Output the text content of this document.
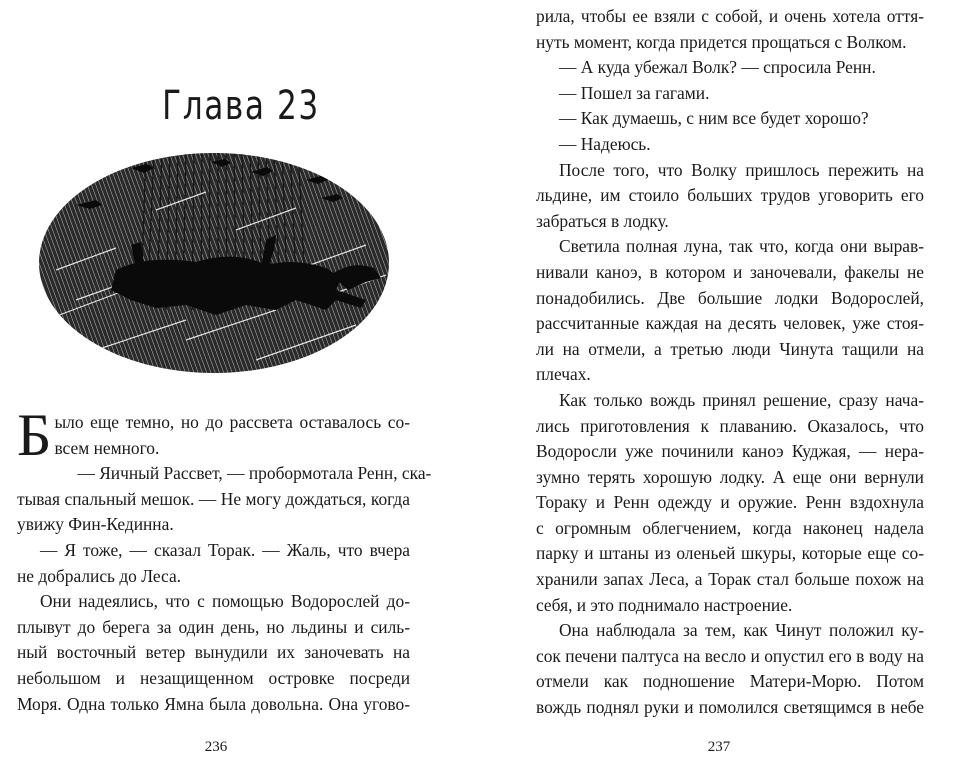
Глава 23
Б ыло еще темно, но до рассвета оставалось со-
всем немного.
— Яичный Рассвет, — пробормотала Ренн, ска-
тывая спальный мешок. — Не могу дождаться, когда
увижу Фин-Кединна.
— Я тоже, — сказал Торак. — Жаль, что вчера
не добрались до Леса.
Они надеялись, что с помощью Водорослей до-
плывут до берега за один день, но льдины и силь-
ный восточный ветер вынудили их заночевать на
небольшом и незащищенном островке посреди
Моря. Одна только Ямна была довольна. Она угово-
236
рила, чтобы ее взяли с собой, и очень хотела оття-
нуть момент, когда придется прощаться с Волком.
— А куда убежал Волк? — спросила Ренн.
— Пошел за гагами.
— Как думаешь, с ним все будет хорошо?
— Надеюсь.
После того, что Волку пришлось пережить на
льдине, им стоило больших трудов уговорить его
забраться в лодку.
Светила полная луна, так что, когда они вырав-
нивали каноэ, в котором и заночевали, факелы не
понадобились. Две большие лодки Водорослей,
рассчитанные каждая на десять человек, уже стоя-
ли на отмели, а третью люди Чинута тащили на
плечах.
Как только вождь принял решение, сразу нача-
лись приготовления к плаванию. Оказалось, что
Водоросли уже починили каноэ Куджая, — нера-
зумно терять хорошую лодку. А еще они вернули
Тораку и Ренн одежду и оружие. Ренн вздохнула
с огромным облегчением, когда наконец надела
парку и штаны из оленьей шкуры, которые еще со-
хранили запах Леса, а Торак стал больше похож на
себя, и это поднимало настроение.
Она наблюдала за тем, как Чинут положил ку-
сок печени палтуса на весло и опустил его в воду на
отмели как подношение Матери-Морю. Потом
вождь поднял руки и помолился светящимся в небе
237
